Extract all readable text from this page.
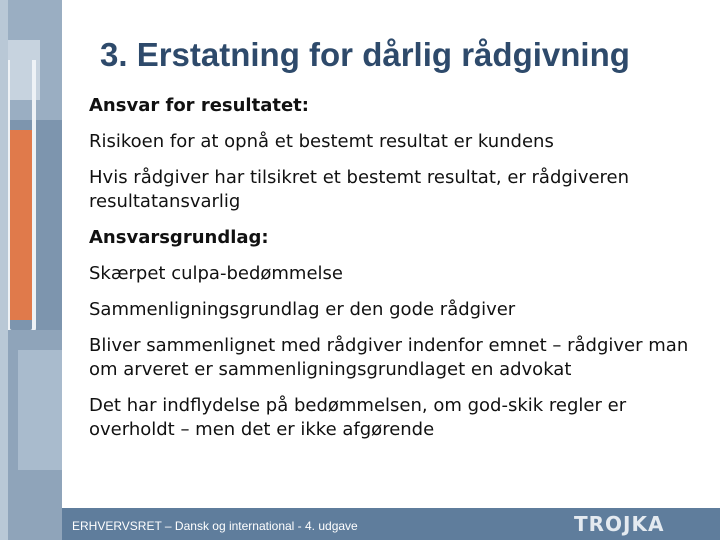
3. Erstatning for dårlig rådgivning

Ansvar for resultatet:

Risikoen for at opnå et bestemt resultat er kundens

Hvis rådgiver har tilsikret et bestemt resultat, er rådgiveren resultatansvarlig

Ansvarsgrundlag:

Skærpet culpa-bedømmelse

Sammenligningsgrundlag er den gode rådgiver

Bliver sammenlignet med rådgiver indenfor emnet – rådgiver man om arveret er sammenligningsgrundlaget en advokat

Det har indflydelse på bedømmelsen, om god-skik regler er overholdt – men det er ikke afgørende

ERHVERVSRET – Dansk og international - 4. udgave	TROJKA
